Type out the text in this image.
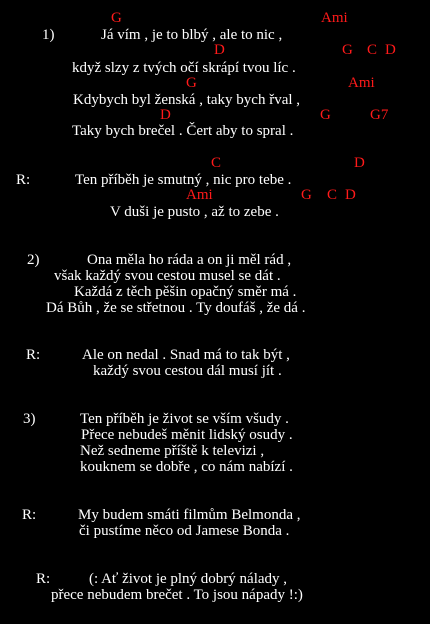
G	Ami
1)	Já vím , je to blbý , ale to nic ,
D	G C D
když slzy z tvých očí skrápí tvou líc .
G	Ami
Kdybych byl ženská , taky bych řval ,
D	G	G7
Taky bych brečel . Čert aby to spral .
C	D
R:	Ten příběh je smutný , nic pro tebe .
Ami	G C D
V duši je pusto , až to zebe .
2)	Ona měla ho ráda a on ji měl rád ,
však každý svou cestou musel se dát .
Každá z těch pěšin opačný směr má .
Dá Bůh , že se střetnou . Ty doufáš , že dá .
R:	Ale on nedal . Snad má to tak být ,
každý svou cestou dál musí jít .
3)	Ten příběh je život se vším všudy .
Přece nebudeš měnit lidský osudy .
Než sedneme příště k televizi ,
kouknem se dobře , co nám nabízí .
R:	My budem smáti filmům Belmonda ,
či pustíme něco od Jamese Bonda .
R:	(: Ať život je plný dobrý nálady ,
přece nebudem brečet . To jsou nápady !:)
